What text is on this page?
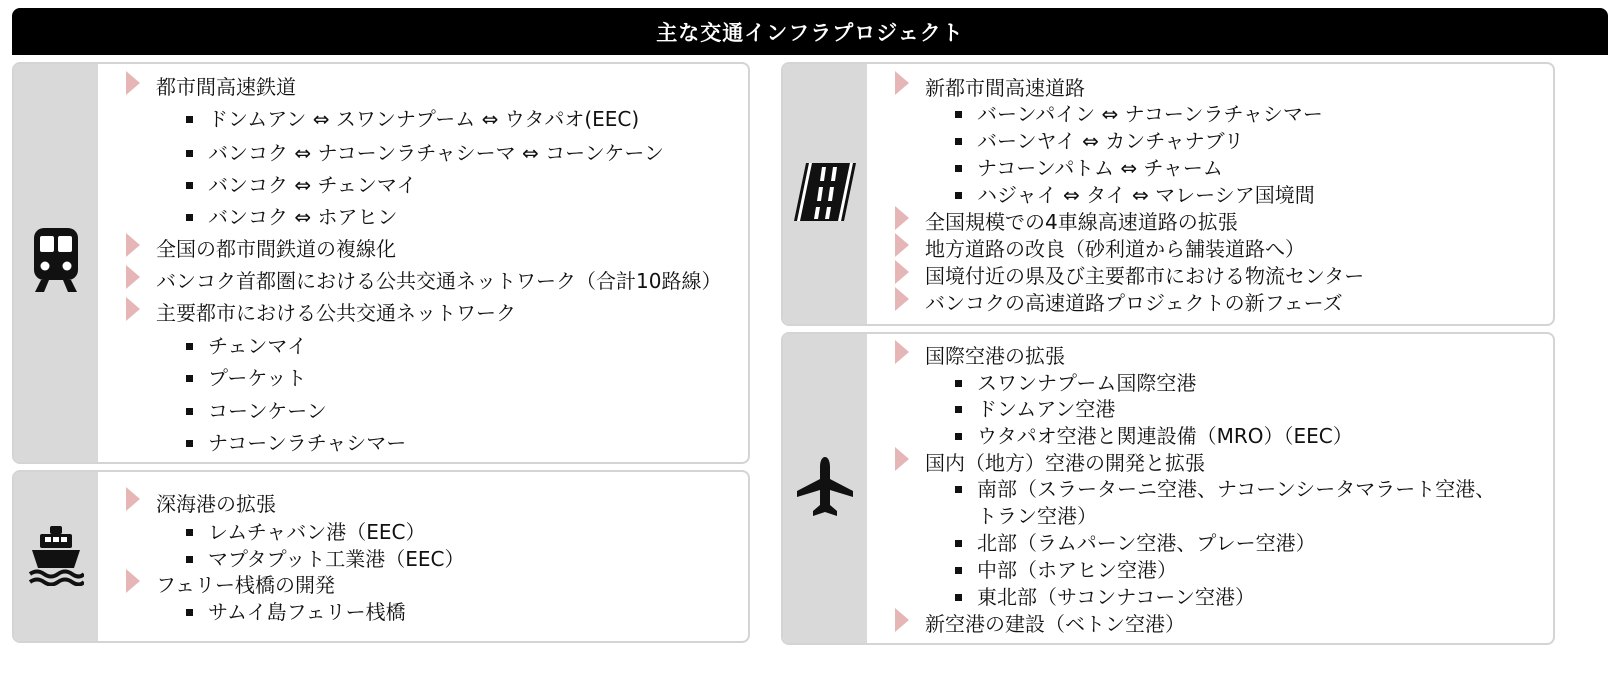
主な交通インフラプロジェクト
都市間高速鉄道
ドンムアン ⇔ スワンナプーム ⇔ ウタパオ(EEC)
バンコク ⇔ ナコーンラチャシーマ ⇔ コーンケーン
バンコク ⇔ チェンマイ
バンコク ⇔ ホアヒン
全国の都市間鉄道の複線化
バンコク首都圏における公共交通ネットワーク（合計10路線）
主要都市における公共交通ネットワーク
チェンマイ
プーケット
コーンケーン
ナコーンラチャシマー
深海港の拡張
レムチャバン港（EEC）
マプタプット工業港（EEC）
フェリー桟橋の開発
サムイ島フェリー桟橋
新都市間高速道路
バーンパイン ⇔ ナコーンラチャシマー
バーンヤイ ⇔ カンチャナブリ
ナコーンパトム ⇔ チャーム
ハジャイ ⇔ タイ ⇔ マレーシア国境間
全国規模での4車線高速道路の拡張
地方道路の改良（砂利道から舗装道路へ）
国境付近の県及び主要都市における物流センター
バンコクの高速道路プロジェクトの新フェーズ
国際空港の拡張
スワンナプーム国際空港
ドンムアン空港
ウタパオ空港と関連設備（MRO）（EEC）
国内（地方）空港の開発と拡張
南部（スラーターニ空港、ナコーンシータマラート空港、
トラン空港）
北部（ラムパーン空港、プレー空港）
中部（ホアヒン空港）
東北部（サコンナコーン空港）
新空港の建設（ベトン空港）
